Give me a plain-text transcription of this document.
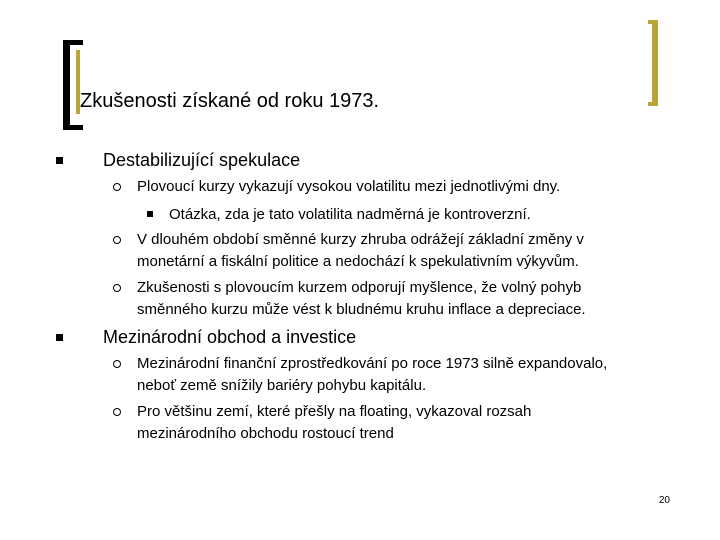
Zkušenosti získané od roku 1973.
Destabilizující spekulace
Plovoucí kurzy vykazují vysokou volatilitu mezi jednotlivými dny.
Otázka, zda je tato volatilita nadměrná je kontroverzní.
V dlouhém období směnné kurzy zhruba odrážejí základní změny v
monetární a fiskální politice a nedochází k spekulativním výkyvům.
Zkušenosti s plovoucím kurzem odporují myšlence, že volný pohyb
směnného kurzu může vést k bludnému kruhu inflace a depreciace.
Mezinárodní obchod a investice
Mezinárodní finanční zprostředkování po roce 1973 silně expandovalo,
neboť země snížily bariéry pohybu kapitálu.
Pro většinu zemí, které přešly na floating, vykazoval rozsah
mezinárodního obchodu rostoucí trend
20
